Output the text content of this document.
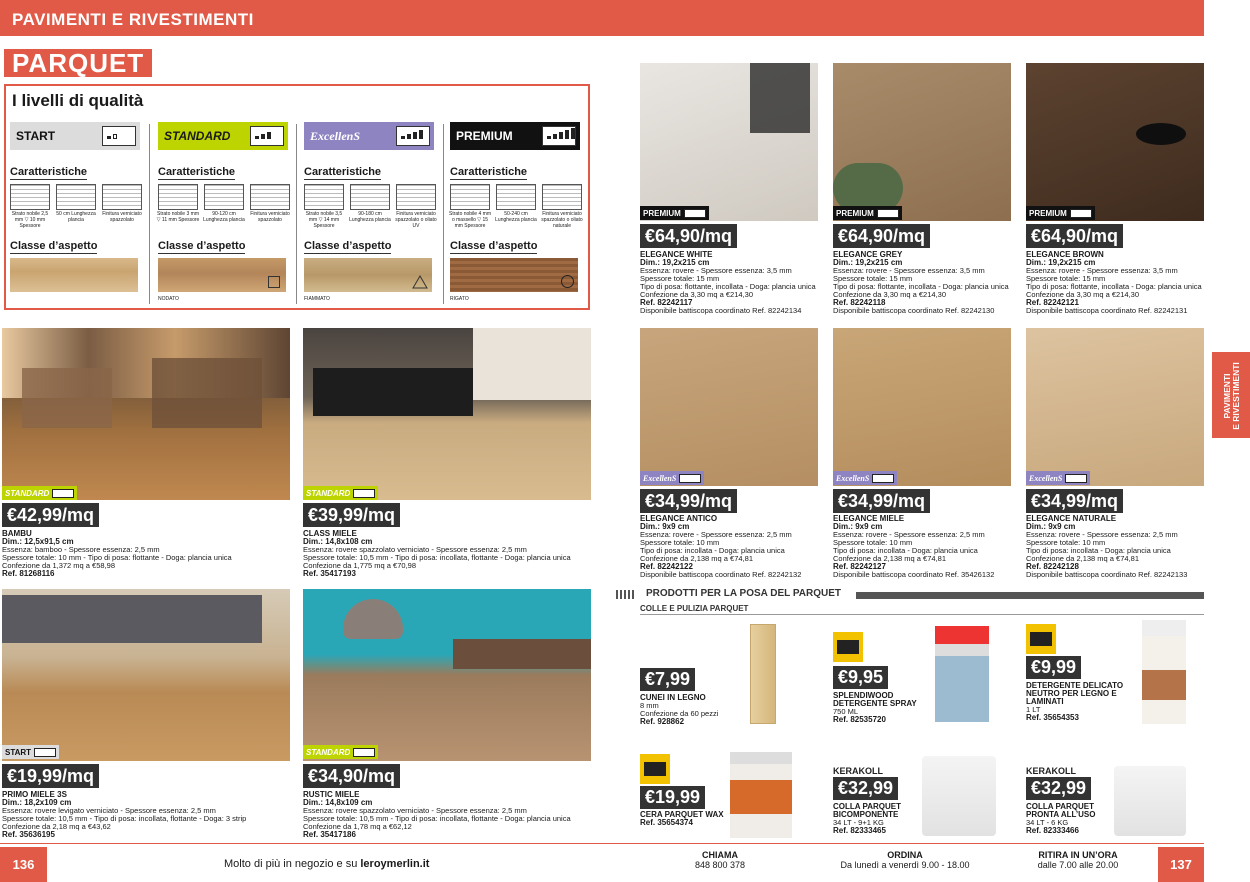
PAVIMENTI E RIVESTIMENTI
PARQUET
I livelli di qualità
START
Caratteristiche
Strato nobile 2,5 mm ▽ 10 mm Spessore
50 cm Lunghezza plancia
Finitura verniciato spazzolato
Classe d’aspetto
STANDARD
Caratteristiche
Strato nobile 3 mm ▽ 11 mm Spessore
90-120 cm Lunghezza plancia
Finitura verniciato spazzolato
Classe d’aspetto
NODATO
ExcellenS
Caratteristiche
Strato nobile 3,5 mm ▽ 14 mm Spessore
90-180 cm Lunghezza plancia
Finitura verniciato spazzolato o oliato UV
Classe d’aspetto
FIAMMATO
PREMIUM
Caratteristiche
Strato nobile 4 mm o massello ▽ 15 mm Spessore
50-240 cm Lunghezza plancia
Finitura verniciato spazzolato o oliato naturale
Classe d’aspetto
RIGATO
STANDARD
€42,99/mq
BAMBU
Dim.: 12,5x91,5 cm
Essenza: bamboo - Spessore essenza: 2,5 mm
Spessore totale: 10 mm - Tipo di posa: flottante - Doga: plancia unica
Confezione da 1,372 mq a €58,98
Ref. 81268116
STANDARD
€39,99/mq
CLASS MIELE
Dim.: 14,8x108 cm
Essenza: rovere spazzolato verniciato - Spessore essenza: 2,5 mm
Spessore totale: 10,5 mm - Tipo di posa: incollata, flottante - Doga: plancia unica
Confezione da 1,775 mq a €70,98
Ref. 35417193
START
€19,99/mq
PRIMO MIELE 3S
Dim.: 18,2x109 cm
Essenza: rovere levigato verniciato - Spessore essenza: 2,5 mm
Spessore totale: 10,5 mm - Tipo di posa: incollata, flottante - Doga: 3 strip
Confezione da 2,18 mq a €43,62
Ref. 35636195
STANDARD
€34,90/mq
RUSTIC MIELE
Dim.: 14,8x109 cm
Essenza: rovere spazzolato verniciato - Spessore essenza: 2,5 mm
Spessore totale: 10,5 mm - Tipo di posa: incollata, flottante - Doga: plancia unica
Confezione da 1,78 mq a €62,12
Ref. 35417186
PREMIUM
€64,90/mq
ELEGANCE WHITE
Dim.: 19,2x215 cm
Essenza: rovere - Spessore essenza: 3,5 mm
Spessore totale: 15 mm
Tipo di posa: flottante, incollata - Doga: plancia unica
Confezione da 3,30 mq a €214,30
Ref. 82242117
Disponibile battiscopa coordinato Ref. 82242134
PREMIUM
€64,90/mq
ELEGANCE GREY
Dim.: 19,2x215 cm
Essenza: rovere - Spessore essenza: 3,5 mm
Spessore totale: 15 mm
Tipo di posa: flottante, incollata - Doga: plancia unica
Confezione da 3,30 mq a €214,30
Ref. 82242118
Disponibile battiscopa coordinato Ref. 82242130
PREMIUM
€64,90/mq
ELEGANCE BROWN
Dim.: 19,2x215 cm
Essenza: rovere - Spessore essenza: 3,5 mm
Spessore totale: 15 mm
Tipo di posa: flottante, incollata - Doga: plancia unica
Confezione da 3,30 mq a €214,30
Ref. 82242121
Disponibile battiscopa coordinato Ref. 82242131
ExcellenS
€34,99/mq
ELEGANCE ANTICO
Dim.: 9x9 cm
Essenza: rovere - Spessore essenza: 2,5 mm
Spessore totale: 10 mm
Tipo di posa: incollata - Doga: plancia unica
Confezione da 2,138 mq a €74,81
Ref. 82242122
Disponibile battiscopa coordinato Ref. 82242132
ExcellenS
€34,99/mq
ELEGANCE MIELE
Dim.: 9x9 cm
Essenza: rovere - Spessore essenza: 2,5 mm
Spessore totale: 10 mm
Tipo di posa: incollata - Doga: plancia unica
Confezione da 2,138 mq a €74,81
Ref. 82242127
Disponibile battiscopa coordinato Ref. 35426132
ExcellenS
€34,99/mq
ELEGANCE NATURALE
Dim.: 9x9 cm
Essenza: rovere - Spessore essenza: 2,5 mm
Spessore totale: 10 mm
Tipo di posa: incollata - Doga: plancia unica
Confezione da 2,138 mq a €74,81
Ref. 82242128
Disponibile battiscopa coordinato Ref. 82242133
PAVIMENTI
E RIVESTIMENTI
PRODOTTI PER LA POSA DEL PARQUET
COLLE E PULIZIA PARQUET
€7,99
CUNEI IN LEGNO
8 mm
Confezione da 60 pezzi
Ref. 928862
€9,95
SPLENDIWOOD DETERGENTE SPRAY
750 ML
Ref. 82535720
€9,99
DETERGENTE DELICATO NEUTRO PER LEGNO E LAMINATI
1 LT
Ref. 35654353
€19,99
CERA PARQUET WAX
Ref. 35654374
KERAKOLL
€32,99
COLLA PARQUET BICOMPONENTE
34 LT - 9+1 KG
Ref. 82333465
KERAKOLL
€32,99
COLLA PARQUET PRONTA ALL’USO
34 LT - 6 KG
Ref. 82333466
136	Molto di più in negozio e su leroymerlin.it
CHIAMA
848 800 378
ORDINA
Da lunedì a venerdì 9.00 - 18.00
RITIRA IN UN’ORA
dalle 7.00 alle 20.00	137
